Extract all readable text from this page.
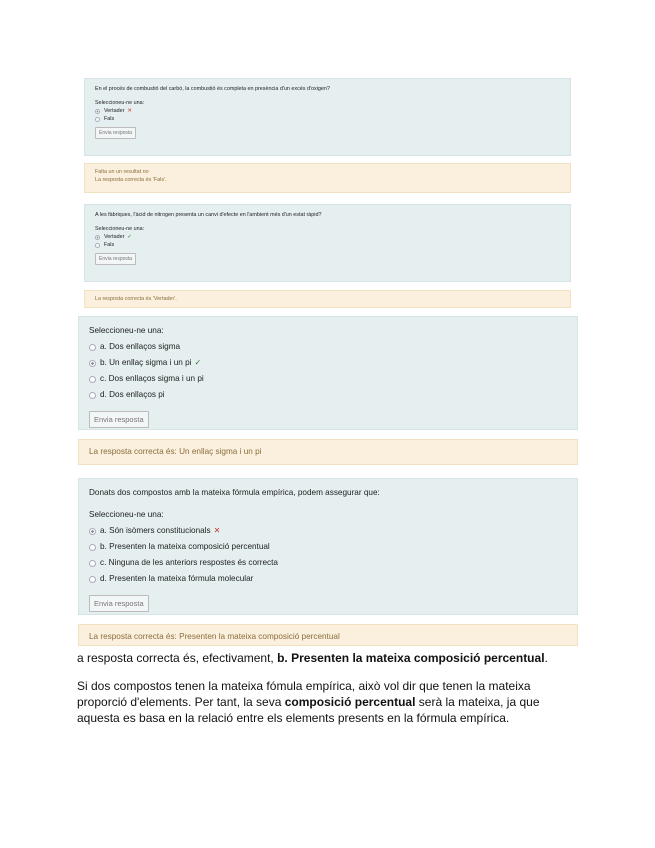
En el procés de combustió del carbó, la combustió és completa en presència d'un excés d'oxigen?
Seleccioneu-ne una:
Vertader ✕
Fals
Envia resposta
Falta un un resultat no
La resposta correcta és 'Fals'.
A les fàbriques, l'àcid de nitrogen presenta un canvi d'efecte en l'ambient més d'un estat ràpid?
Seleccioneu-ne una:
Vertader ✓
Fals
Envia resposta
La resposta correcta és 'Vertader'.
Seleccioneu-ne una:
a. Dos enllaços sigma
b. Un enllaç sigma i un pi ✓
c. Dos enllaços sigma i un pi
d. Dos enllaços pi
Envia resposta
La resposta correcta és: Un enllaç sigma i un pi
Donats dos compostos amb la mateixa fórmula empírica, podem assegurar que:
Seleccioneu-ne una:
a. Són isòmers constitucionals ✕
b. Presenten la mateixa composició percentual
c. Ninguna de les anteriors respostes és correcta
d. Presenten la mateixa fórmula molecular
Envia resposta
La resposta correcta és: Presenten la mateixa composició percentual

a resposta correcta és, efectivament, b. Presenten la mateixa composició percentual.

Si dos compostos tenen la mateixa fómula empírica, això vol dir que tenen la mateixa proporció d'elements. Per tant, la seva composició percentual serà la mateixa, ja que aquesta es basa en la relació entre els elements presents en la fórmula empírica.
